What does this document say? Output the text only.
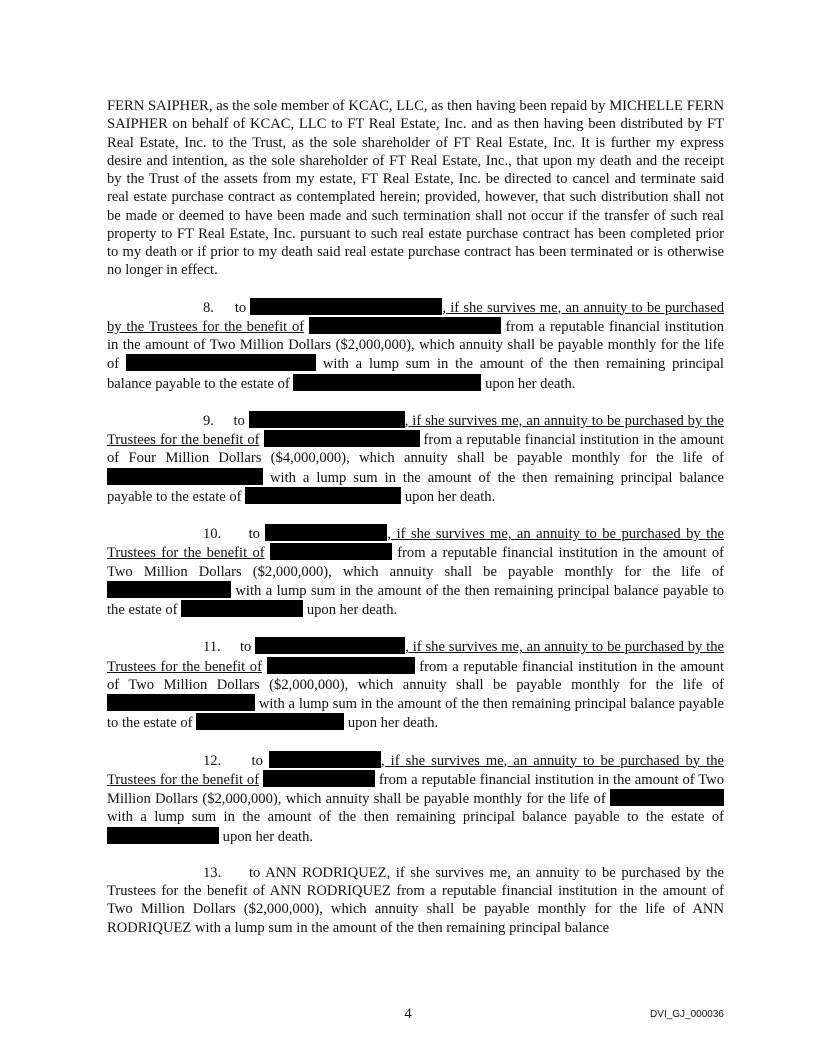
FERN SAIPHER, as the sole member of KCAC, LLC, as then having been repaid by MICHELLE FERN SAIPHER on behalf of KCAC, LLC to FT Real Estate, Inc. and as then having been distributed by FT Real Estate, Inc. to the Trust, as the sole shareholder of FT Real Estate, Inc. It is further my express desire and intention, as the sole shareholder of FT Real Estate, Inc., that upon my death and the receipt by the Trust of the assets from my estate, FT Real Estate, Inc. be directed to cancel and terminate said real estate purchase contract as contemplated herein; provided, however, that such distribution shall not be made or deemed to have been made and such termination shall not occur if the transfer of such real property to FT Real Estate, Inc. pursuant to such real estate purchase contract has been completed prior to my death or if prior to my death said real estate purchase contract has been terminated or is otherwise no longer in effect.

8. to	, if she survives me, an annuity to be purchased by the Trustees for the benefit of	from a reputable financial institution in the amount of Two Million Dollars ($2,000,000), which annuity shall be payable monthly for the life of	with a lump sum in the amount of the then remaining principal balance payable to the estate of	upon her death.

9. to	, if she survives me, an annuity to be purchased by the Trustees for the benefit of	from a reputable financial institution in the amount of Four Million Dollars ($4,000,000), which annuity shall be payable monthly for the life of  with a lump sum in the amount of the then remaining principal balance payable to the estate of	upon her death.

10. to	, if she survives me, an annuity to be purchased by the Trustees for the benefit of	from a reputable financial institution in the amount of Two Million Dollars ($2,000,000), which annuity shall be payable monthly for the life of  with a lump sum in the amount of the then remaining principal balance payable to the estate of	upon her death.

11. to	, if she survives me, an annuity to be purchased by the Trustees for the benefit of	from a reputable financial institution in the amount of Two Million Dollars ($2,000,000), which annuity shall be payable monthly for the life of  with a lump sum in the amount of the then remaining principal balance payable to the estate of	upon her death.

12. to	, if she survives me, an annuity to be purchased by the Trustees for the benefit of	from a reputable financial institution in the amount of Two Million Dollars ($2,000,000), which annuity shall be payable monthly for the life of  with a lump sum in the amount of the then remaining principal balance payable to the estate of  upon her death.

13. to ANN RODRIQUEZ, if she survives me, an annuity to be purchased by the Trustees for the benefit of ANN RODRIQUEZ from a reputable financial institution in the amount of Two Million Dollars ($2,000,000), which annuity shall be payable monthly for the life of ANN RODRIQUEZ with a lump sum in the amount of the then remaining principal balance

4	DVI_GJ_000036
